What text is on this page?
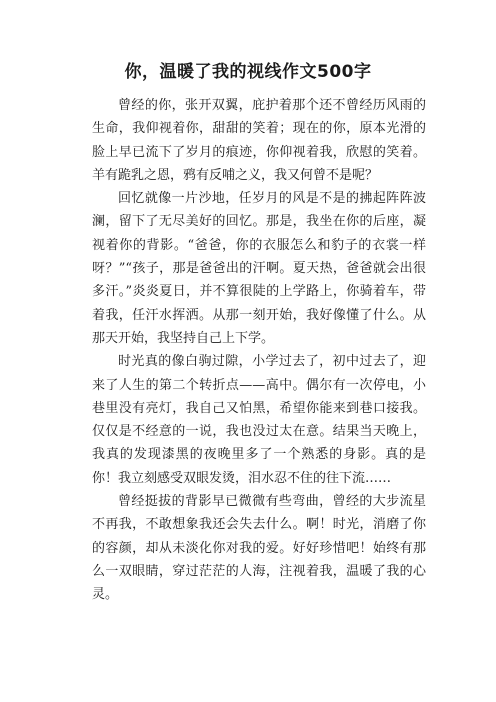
你，温暖了我的视线作文500字

曾经的你，张开双翼，庇护着那个还不曾经历风雨的生命，我仰视着你，甜甜的笑着；现在的你，原本光滑的脸上早已流下了岁月的痕迹，你仰视着我，欣慰的笑着。羊有跪乳之恩，鸦有反哺之义，我又何曾不是呢？

回忆就像一片沙地，任岁月的风是不是的拂起阵阵波澜，留下了无尽美好的回忆。那是，我坐在你的后座，凝视着你的背影。“爸爸，你的衣服怎么和豹子的衣裳一样呀？”“孩子，那是爸爸出的汗啊。夏天热，爸爸就会出很多汗。”炎炎夏日，并不算很陡的上学路上，你骑着车，带着我，任汗水挥洒。从那一刻开始，我好像懂了什么。从那天开始，我坚持自己上下学。

时光真的像白驹过隙，小学过去了，初中过去了，迎来了人生的第二个转折点——高中。偶尔有一次停电，小巷里没有亮灯，我自己又怕黑，希望你能来到巷口接我。仅仅是不经意的一说，我也没过太在意。结果当天晚上，我真的发现漆黑的夜晚里多了一个熟悉的身影。真的是你！我立刻感受双眼发烫，泪水忍不住的往下流……

曾经挺拔的背影早已微微有些弯曲，曾经的大步流星不再我，不敢想象我还会失去什么。啊！时光，消磨了你的容颜，却从未淡化你对我的爱。好好珍惜吧！始终有那么一双眼睛，穿过茫茫的人海，注视着我，温暖了我的心灵。
